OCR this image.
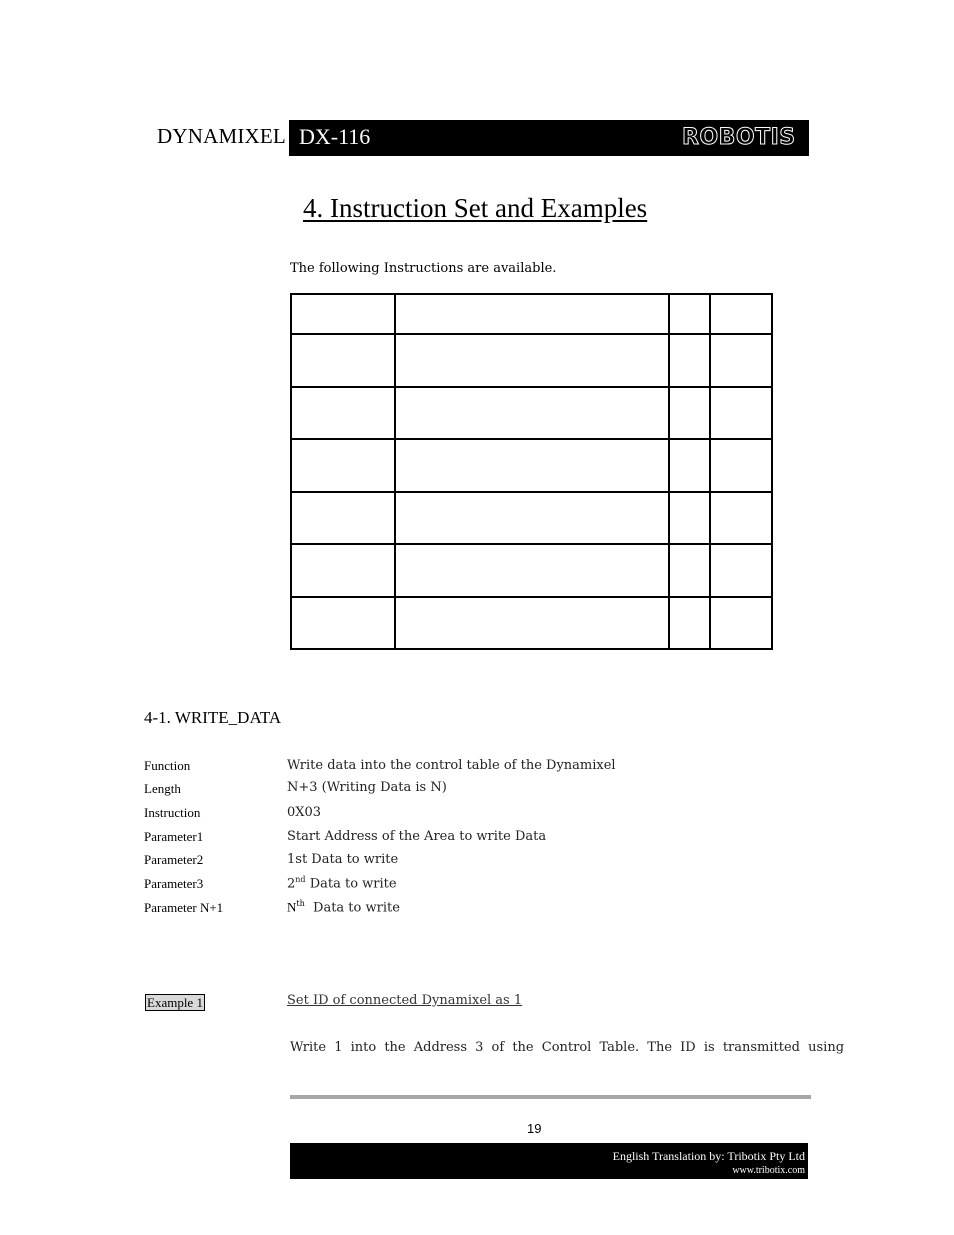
DYNAMIXEL DX-116	ROBOTIS
4. Instruction Set and Examples
The following Instructions are available.

4-1. WRITE_DATA
Function	Write data into the control table of the Dynamixel
Length	N+3 (Writing Data is N)
Instruction	0X03
Parameter1	Start Address of the Area to write Data
Parameter2	1st Data to write
Parameter3	2nd Data to write
Parameter N+1	$N^{th}$  Data to write
Example 1	Set ID of connected Dynamixel as 1
Write 1 into the Address 3 of the Control Table. The ID is transmitted using
19
English Translation by: Tribotix Pty Ltd
www.tribotix.com
